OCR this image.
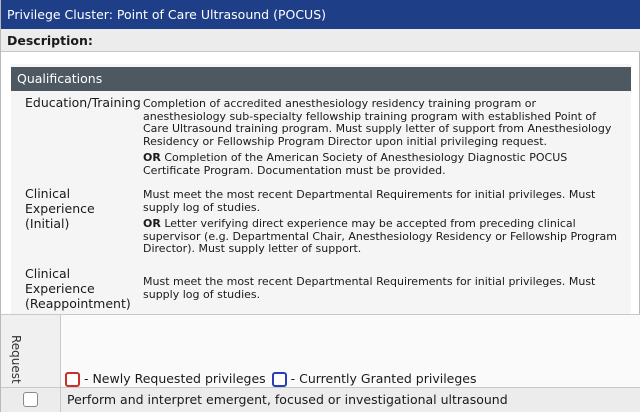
Privilege Cluster: Point of Care Ultrasound (POCUS)
Description:
Qualifications
Education/Training Completion of accredited anesthesiology residency training program or anesthesiology sub-specialty fellowship training program with established Point of Care Ultrasound training program. Must supply letter of support from Anesthesiology Residency or Fellowship Program Director upon initial privileging request.
OR Completion of the American Society of Anesthesiology Diagnostic POCUS Certificate Program. Documentation must be provided.
Clinical
Experience
(Initial)
Must meet the most recent Departmental Requirements for initial privileges. Must supply log of studies.
OR Letter verifying direct experience may be accepted from preceding clinical supervisor (e.g. Departmental Chair, Anesthesiology Residency or Fellowship Program Director). Must supply letter of support.
Clinical
Experience
(Reappointment)
Must meet the most recent Departmental Requirements for initial privileges. Must supply log of studies.
Request	- Newly Requested privileges - Currently Granted privileges
Perform and interpret emergent, focused or investigational ultrasound
